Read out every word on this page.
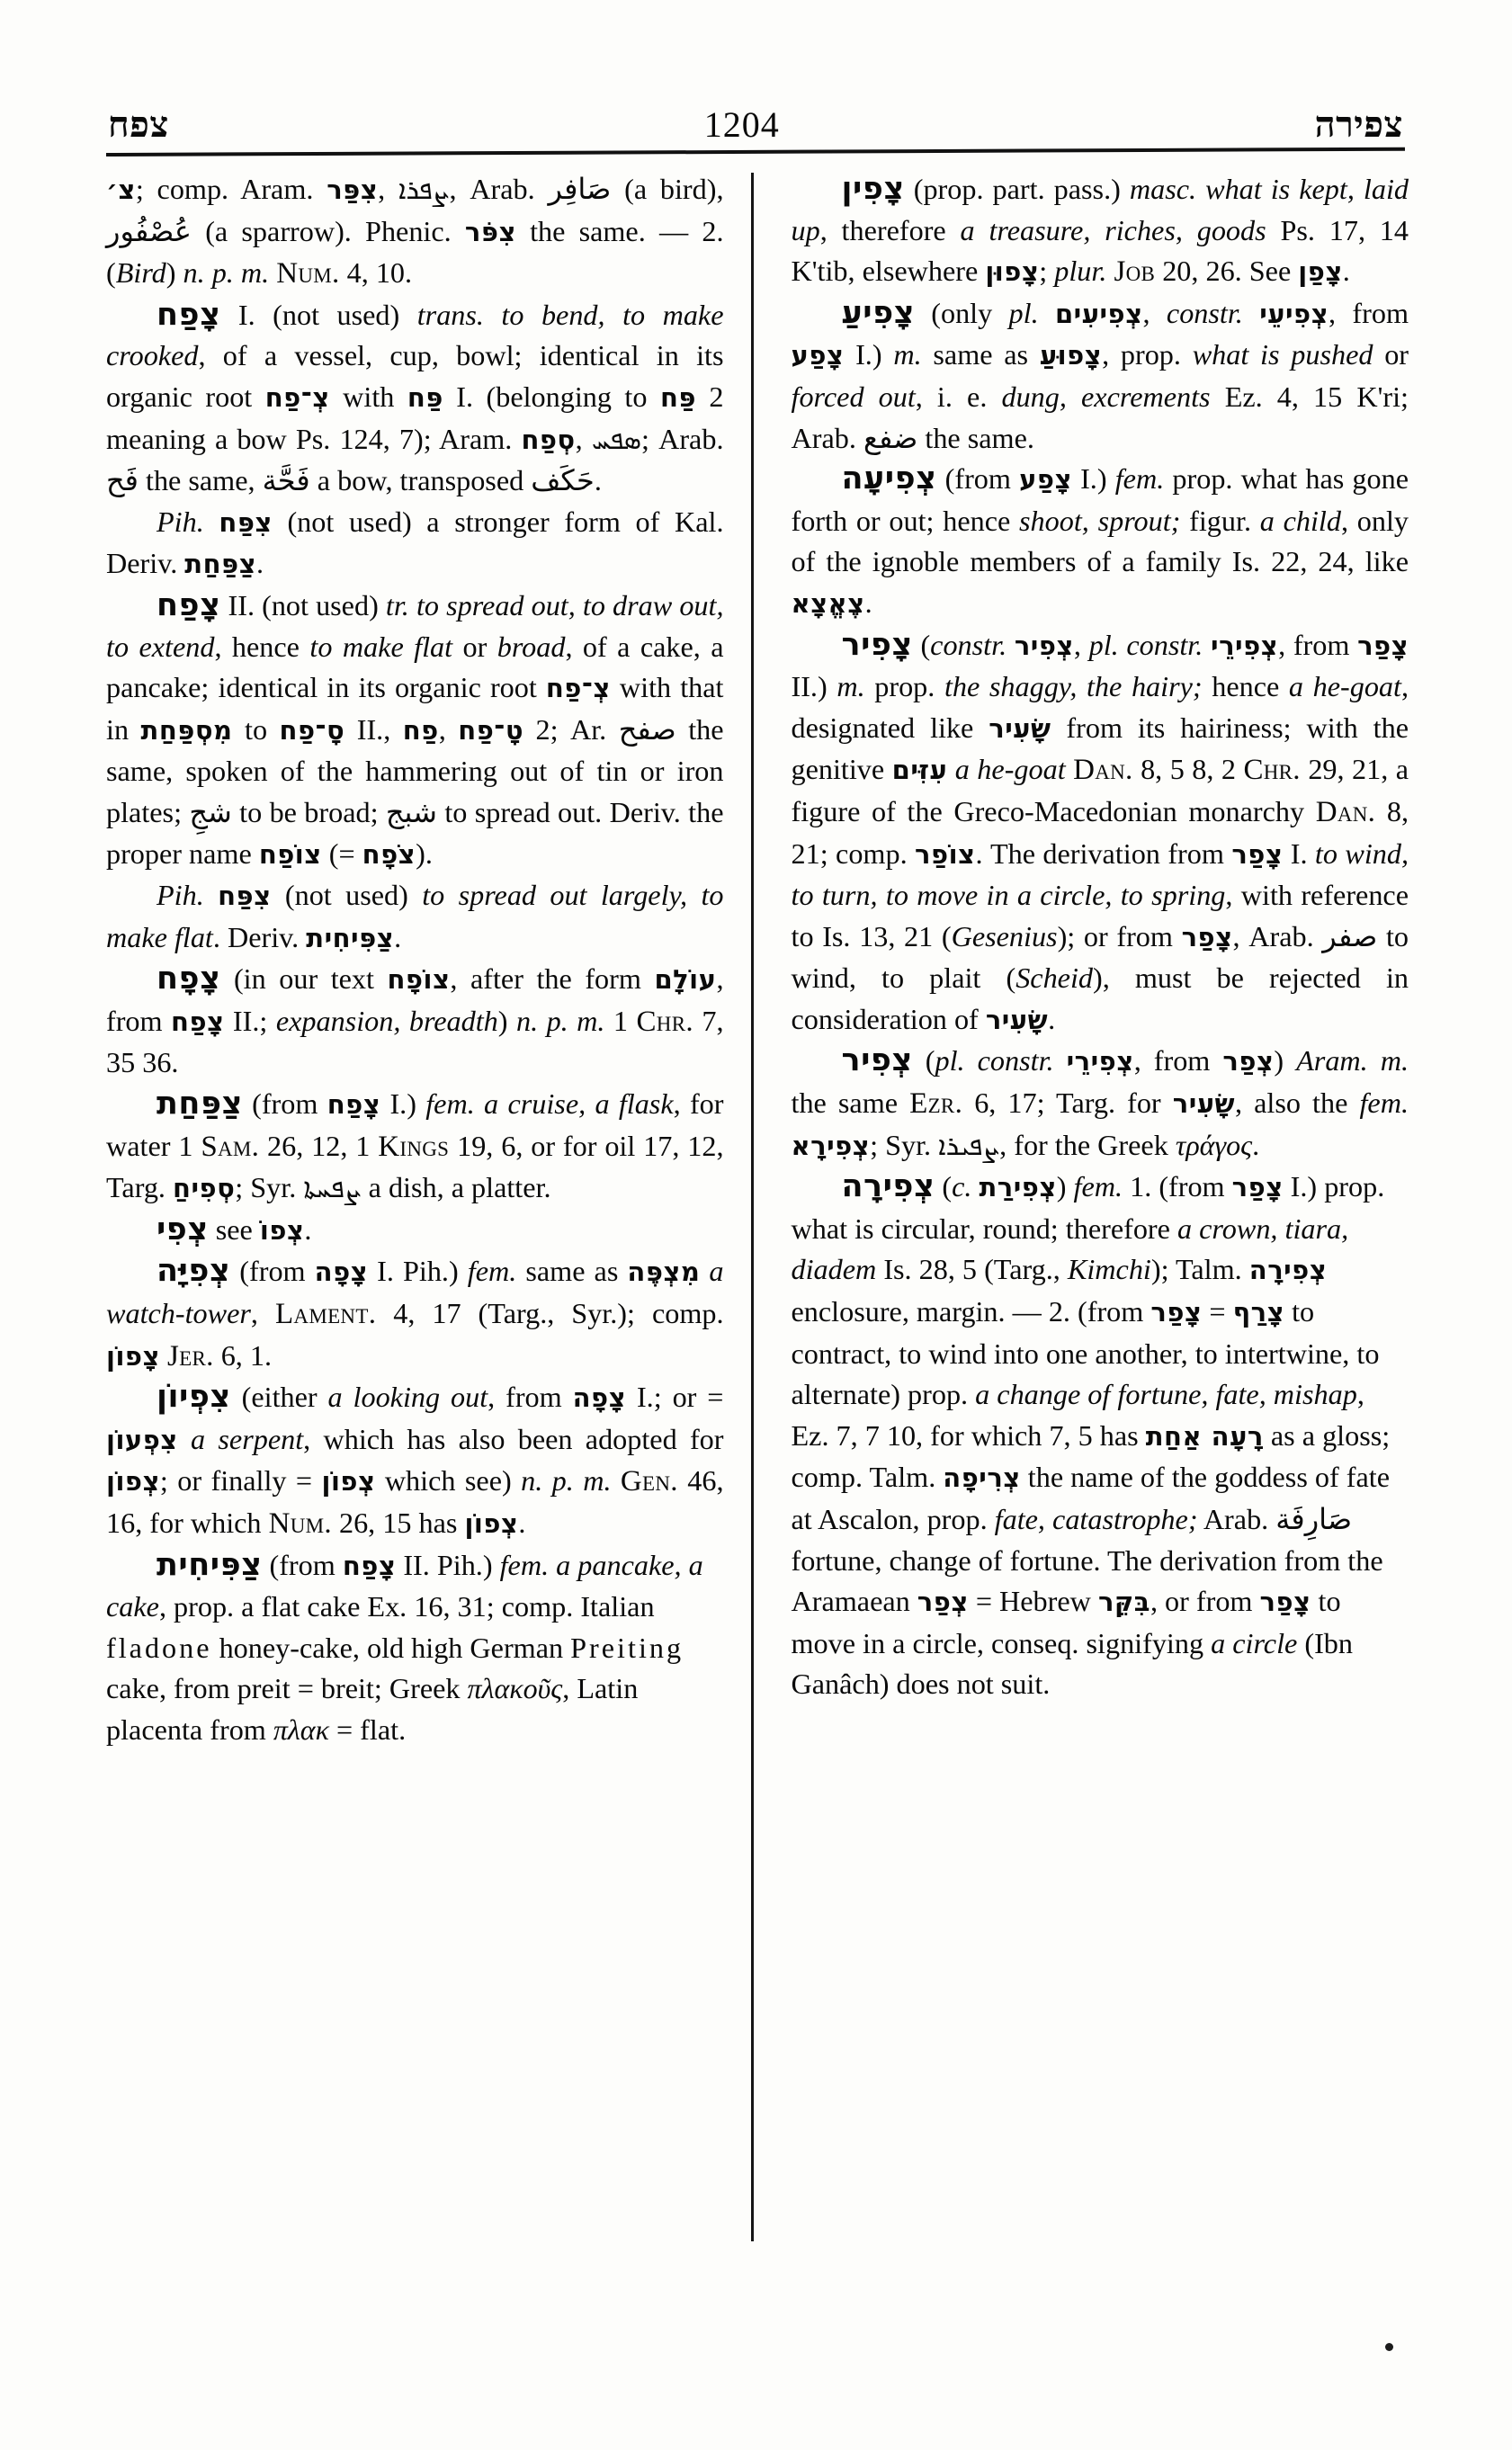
צפח	1204	צפירה

צ׳; comp. Aram. צִפַּר, ܨܦܪܐ, Arab. صَافِر (a bird), عُصْفُور (a sparrow). Phenic. צִפֹּר the same. — 2. (Bird) n. p. m. Num. 4, 10.

צָפַח I. (not used) trans. to bend, to make crooked, of a vessel, cup, bowl; identical in its organic root צְ־פַח with פַּח I. (belonging to פַּח 2 meaning a bow Ps. 124, 7); Aram. סְפַח, ܣܦܚ; Arab. فَح the same, فَحَّة a bow, transposed حَكَف.

Pih. צִפַּח (not used) a stronger form of Kal. Deriv. צַפַּחַת.

צָפַח II. (not used) tr. to spread out, to draw out, to extend, hence to make flat or broad, of a cake, a pancake; identical in its organic root צְ־פַח with that in מִסְפַּחַת to סָ־פַח II., פַח, טָ־פַח 2; Ar. صفح the same, spoken of the hammering out of tin or iron plates; شجِ to be broad; شبج to spread out. Deriv. the proper name צוֹפַח (= צֹפָח).

Pih. צִפַּח (not used) to spread out largely, to make flat. Deriv. צַפִּיחִית.

צָפָח (in our text צוֹפָח, after the form עוֹלָם, from צָפַח II.; expansion, breadth) n. p. m. 1 Chr. 7, 35 36.

צַפַּחַת (from צָפַח I.) fem. a cruise, a flask, for water 1 Sam. 26, 12, 1 Kings 19, 6, or for oil 17, 12, Targ. סְפִיחַ; Syr. ܨܦܚܬܐ a dish, a platter.

צְפִי see צְפוֹ.

צְפִיָּה (from צָפָה I. Pih.) fem. same as מִצְפֶּה a watch-tower, Lament. 4, 17 (Targ., Syr.); comp. צָפוֹן Jer. 6, 1.

צִפְיוֹן (either a looking out, from צָפָה I.; or = צִפְעוֹן a serpent, which has also been adopted for צְפוֹן; or finally = צְפוֹן which see) n. p. m. Gen. 46, 16, for which Num. 26, 15 has צְפוֹן.

צַפִּיחִית (from צָפַח II. Pih.) fem. a pancake, a cake, prop. a flat cake Ex. 16, 31; comp. Italian fladone honey-cake, old high German Preiting cake, from preit = breit; Greek πλακοῦς, Latin placenta from πλακ = flat.

צָפִין (prop. part. pass.) masc. what is kept, laid up, therefore a treasure, riches, goods Ps. 17, 14 K'tib, elsewhere צָפוּן; plur. Job 20, 26. See צָפַן.

צָפִיעַ (only pl. צְפִיעִים, constr. צְפִיעֵי, from צָפַע I.) m. same as צָפוּעַ, prop. what is pushed or forced out, i. e. dung, excrements Ez. 4, 15 K'ri; Arab. ضفع the same.

צְפִיעָה (from צָפַע I.) fem. prop. what has gone forth or out; hence shoot, sprout; figur. a child, only of the ignoble members of a family Is. 22, 24, like צֶאֱצָא.

צָפִיר (constr. צְפִיר, pl. constr. צְפִירֵי, from צָפַר II.) m. prop. the shaggy, the hairy; hence a he-goat, designated like שָׂעִיר from its hairiness; with the genitive עִזִּים a he-goat Dan. 8, 5 8, 2 Chr. 29, 21, a figure of the Greco-Macedonian monarchy Dan. 8, 21; comp. צוֹפַר. The derivation from צָפַר I. to wind, to turn, to move in a circle, to spring, with reference to Is. 13, 21 (Gesenius); or from צָפַר, Arab. صفر to wind, to plait (Scheid), must be rejected in consideration of שָׂעִיר.

צְפִיר (pl. constr. צְפִירֵי, from צְפַר) Aram. m. the same Ezr. 6, 17; Targ. for שָׂעִיר, also the fem. צְפִירָא; Syr. ܨܦܝܪܐ, for the Greek τράγος.

צְפִירָה (c. צְפִירַת) fem. 1. (from צָפַר I.) prop. what is circular, round; therefore a crown, tiara, diadem Is. 28, 5 (Targ., Kimchi); Talm. צְפִירָה enclosure, margin. — 2. (from צָפַר = צָרַף to contract, to wind into one another, to intertwine, to alternate) prop. a change of fortune, fate, mishap, Ez. 7, 7 10, for which 7, 5 has רָעָה אַחַת as a gloss; comp. Talm. צְרִיפָה the name of the goddess of fate at Ascalon, prop. fate, catastrophe; Arab. صَارِفَة fortune, change of fortune. The derivation from the Aramaean צְפַר = Hebrew בִּקֵּר, or from צָפַר to move in a circle, conseq. signifying a circle (Ibn Ganâch) does not suit.
